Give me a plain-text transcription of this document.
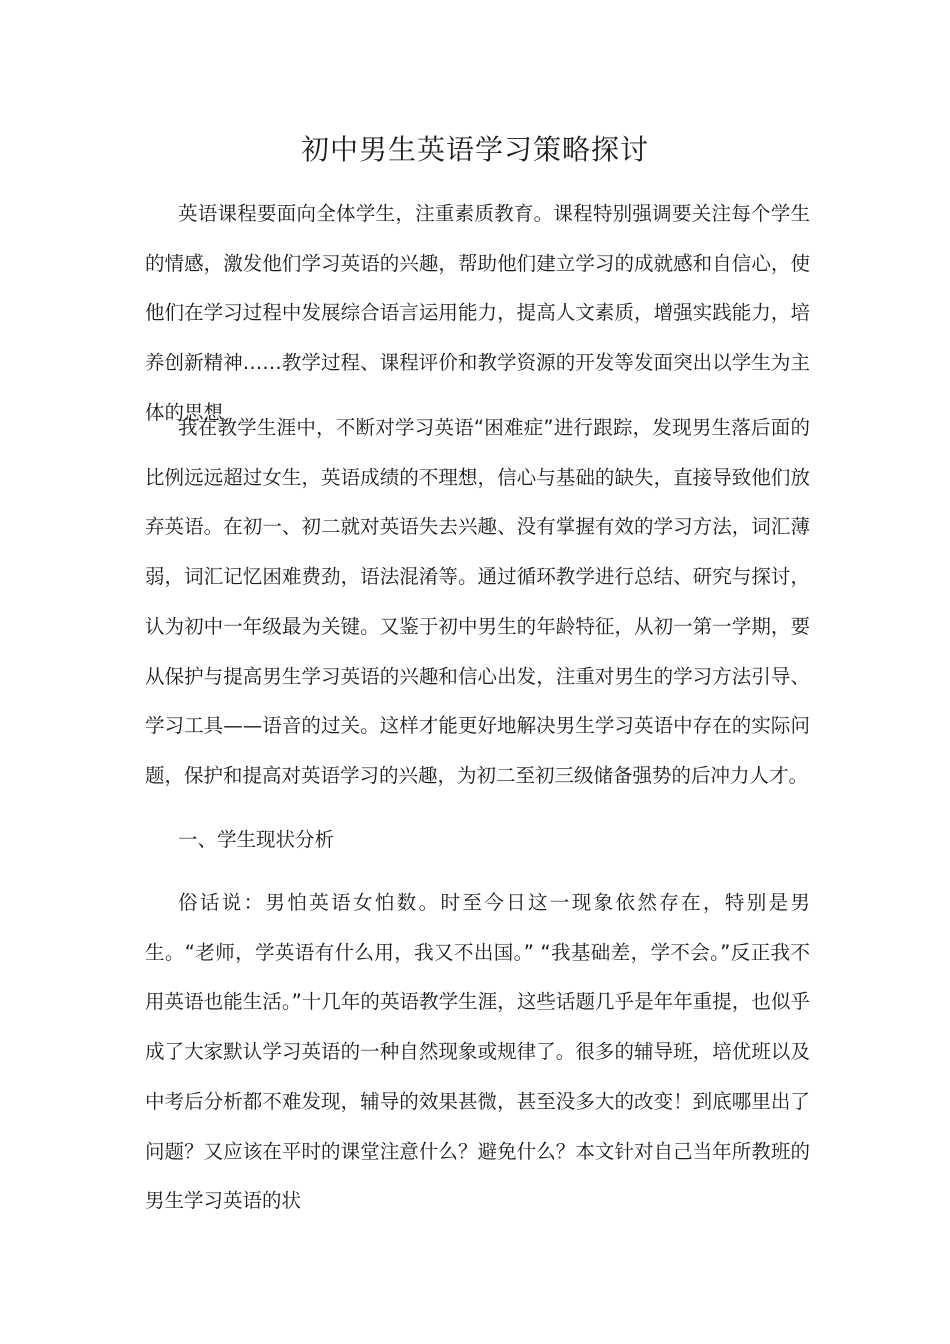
初中男生英语学习策略探讨

英语课程要面向全体学生，注重素质教育。课程特别强调要关注每个学生的情感，激发他们学习英语的兴趣，帮助他们建立学习的成就感和自信心，使他们在学习过程中发展综合语言运用能力，提高人文素质，增强实践能力，培养创新精神……教学过程、课程评价和教学资源的开发等发面突出以学生为主体的思想

我在教学生涯中，不断对学习英语“困难症”进行跟踪，发现男生落后面的比例远远超过女生，英语成绩的不理想，信心与基础的缺失，直接导致他们放弃英语。在初一、初二就对英语失去兴趣、没有掌握有效的学习方法，词汇薄弱，词汇记忆困难费劲，语法混淆等。通过循环教学进行总结、研究与探讨，认为初中一年级最为关键。又鉴于初中男生的年龄特征，从初一第一学期，要从保护与提高男生学习英语的兴趣和信心出发，注重对男生的学习方法引导、学习工具——语音的过关。这样才能更好地解决男生学习英语中存在的实际问题，保护和提高对英语学习的兴趣，为初二至初三级储备强势的后冲力人才。

一、学生现状分析

俗话说：男怕英语女怕数。时至今日这一现象依然存在，特别是男生。“老师，学英语有什么用，我又不出国。” “我基础差，学不会。”反正我不用英语也能生活。”十几年的英语教学生涯，这些话题几乎是年年重提，也似乎成了大家默认学习英语的一种自然现象或规律了。很多的辅导班，培优班以及中考后分析都不难发现，辅导的效果甚微，甚至没多大的改变！到底哪里出了问题？又应该在平时的课堂注意什么？避免什么？本文针对自己当年所教班的男生学习英语的状
